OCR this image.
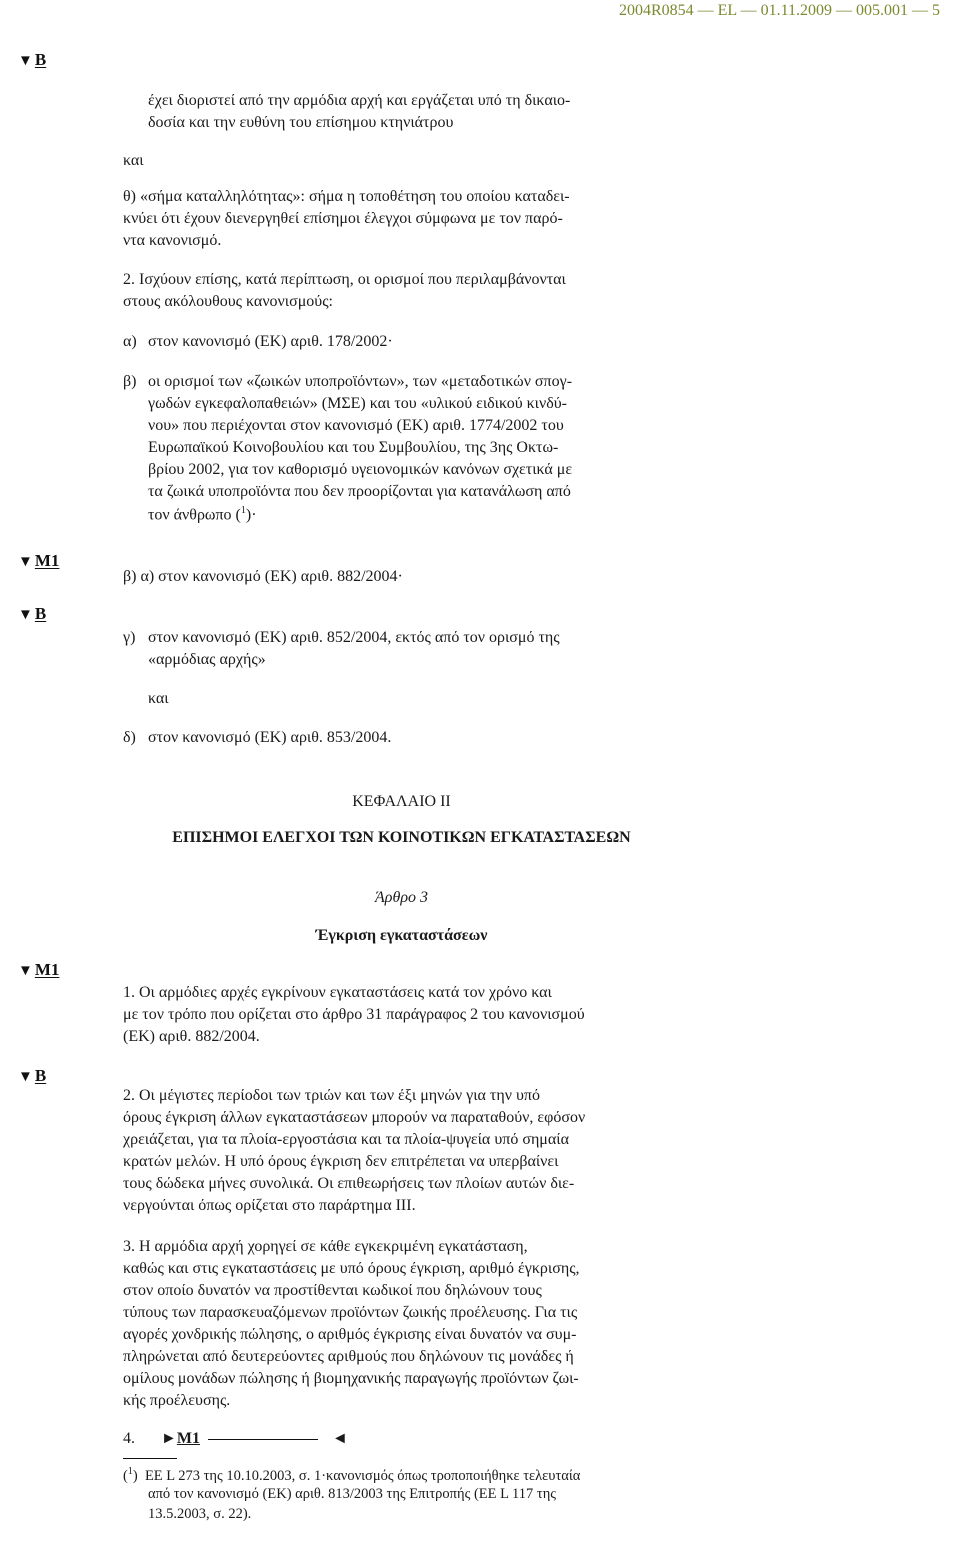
2004R0854 — EL — 01.11.2009 — 005.001 — 5
▼ B
▼ M1
▼ B
▼ M1
▼ B
έχει διοριστεί από την αρμόδια αρχή και εργάζεται υπό τη δικαιο-
δοσία και την ευθύνη του επίσημου κτηνιάτρου
και
θ) «σήμα καταλληλότητας»: σήμα η τοποθέτηση του οποίου καταδει-
κνύει ότι έχουν διενεργηθεί επίσημοι έλεγχοι σύμφωνα με τον παρό-
ντα κανονισμό.
2. Ισχύουν επίσης, κατά περίπτωση, οι ορισμοί που περιλαμβάνονται
στους ακόλουθους κανονισμούς:
α) στον κανονισμό (ΕΚ) αριθ. 178/2002·
β) οι ορισμοί των «ζωικών υποπροϊόντων», των «μεταδοτικών σπογ-
γωδών εγκεφαλοπαθειών» (ΜΣΕ) και του «υλικού ειδικού κινδύ-
νου» που περιέχονται στον κανονισμό (ΕΚ) αριθ. 1774/2002 του
Ευρωπαϊκού Κοινοβουλίου και του Συμβουλίου, της 3ης Οκτω-
βρίου 2002, για τον καθορισμό υγειονομικών κανόνων σχετικά με
τα ζωικά υποπροϊόντα που δεν προορίζονται για κατανάλωση από
τον άνθρωπο ($^1$)·
β) α) στον κανονισμό (ΕΚ) αριθ. 882/2004·
γ) στον κανονισμό (ΕΚ) αριθ. 852/2004, εκτός από τον ορισμό της
«αρμόδιας αρχής»
και
δ) στον κανονισμό (ΕΚ) αριθ. 853/2004.
ΚΕΦΑΛΑΙΟ ΙΙ
ΕΠΙΣΗΜΟΙ ΕΛΕΓΧΟΙ ΤΩΝ ΚΟΙΝΟΤΙΚΩΝ ΕΓΚΑΤΑΣΤΑΣΕΩΝ
Άρθρο 3
Έγκριση εγκαταστάσεων
1. Οι αρμόδιες αρχές εγκρίνουν εγκαταστάσεις κατά τον χρόνο και
με τον τρόπο που ορίζεται στο άρθρο 31 παράγραφος 2 του κανονισμού
(ΕΚ) αριθ. 882/2004.
2. Οι μέγιστες περίοδοι των τριών και των έξι μηνών για την υπό
όρους έγκριση άλλων εγκαταστάσεων μπορούν να παραταθούν, εφόσον
χρειάζεται, για τα πλοία-εργοστάσια και τα πλοία-ψυγεία υπό σημαία
κρατών μελών. Η υπό όρους έγκριση δεν επιτρέπεται να υπερβαίνει
τους δώδεκα μήνες συνολικά. Οι επιθεωρήσεις των πλοίων αυτών διε-
νεργούνται όπως ορίζεται στο παράρτημα ΙΙΙ.
3. Η αρμόδια αρχή χορηγεί σε κάθε εγκεκριμένη εγκατάσταση,
καθώς και στις εγκαταστάσεις με υπό όρους έγκριση, αριθμό έγκρισης,
στον οποίο δυνατόν να προστίθενται κωδικοί που δηλώνουν τους
τύπους των παρασκευαζόμενων προϊόντων ζωικής προέλευσης. Για τις
αγορές χονδρικής πώλησης, ο αριθμός έγκρισης είναι δυνατόν να συμ-
πληρώνεται από δευτερεύοντες αριθμούς που δηλώνουν τις μονάδες ή
ομίλους μονάδων πώλησης ή βιομηχανικής παραγωγής προϊόντων ζωι-
κής προέλευσης.
4. ►M1	◄
($^1$)  ΕΕ L 273 της 10.10.2003, σ. 1·κανονισμός όπως τροποποιήθηκε τελευταία
από τον κανονισμό (ΕΚ) αριθ. 813/2003 της Επιτροπής (ΕΕ L 117 της
13.5.2003, σ. 22).
